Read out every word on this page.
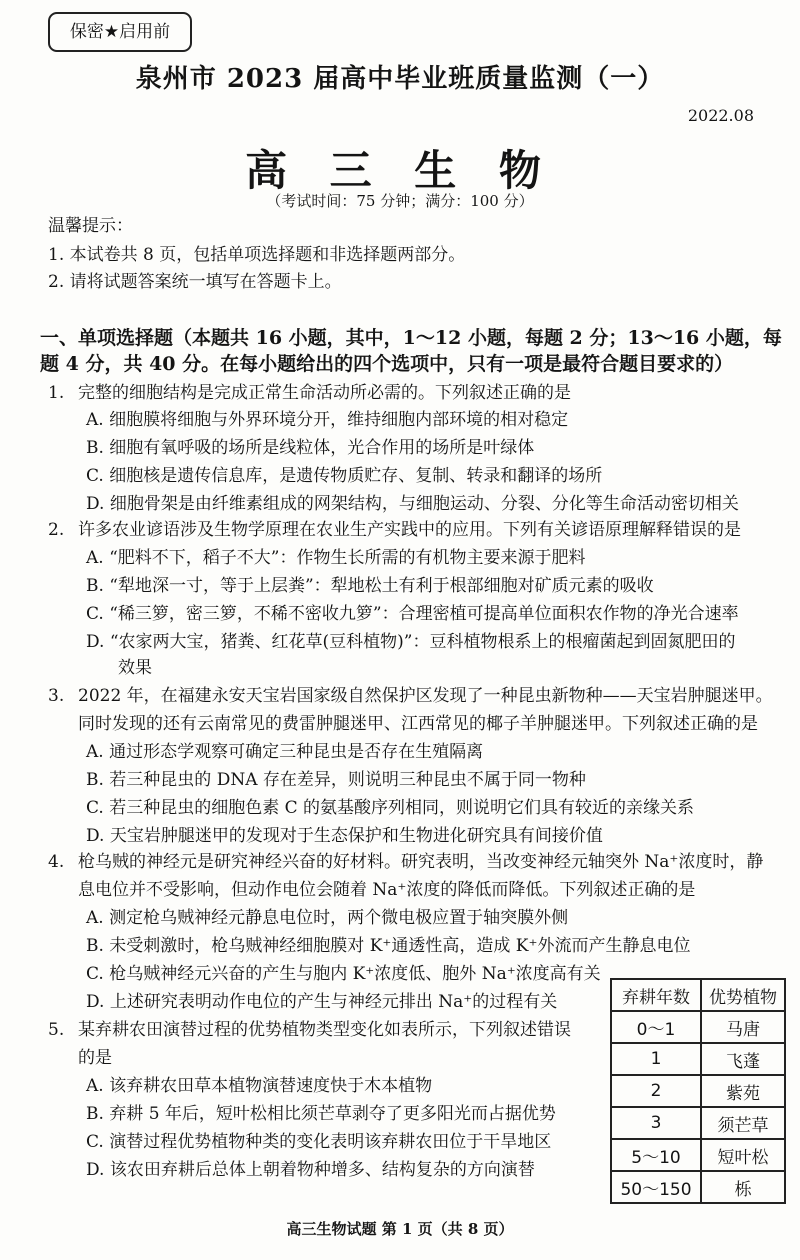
保密★启用前
泉州市 2023 届高中毕业班质量监测（一）
2022.08
高 三 生 物
（考试时间：75 分钟；满分：100 分）
温馨提示：
1. 本试卷共 8 页，包括单项选择题和非选择题两部分。
2. 请将试题答案统一填写在答题卡上。
一、单项选择题（本题共 16 小题，其中，1～12 小题，每题 2 分；13～16 小题，每
题 4 分，共 40 分。在每小题给出的四个选项中，只有一项是最符合题目要求的）
1. 完整的细胞结构是完成正常生命活动所必需的。下列叙述正确的是
A. 细胞膜将细胞与外界环境分开，维持细胞内部环境的相对稳定
B. 细胞有氧呼吸的场所是线粒体，光合作用的场所是叶绿体
C. 细胞核是遗传信息库，是遗传物质贮存、复制、转录和翻译的场所
D. 细胞骨架是由纤维素组成的网架结构，与细胞运动、分裂、分化等生命活动密切相关
2. 许多农业谚语涉及生物学原理在农业生产实践中的应用。下列有关谚语原理解释错误的是
A. “肥料不下，稻子不大”：作物生长所需的有机物主要来源于肥料
B. “犁地深一寸，等于上层粪”：犁地松土有利于根部细胞对矿质元素的吸收
C. “稀三箩，密三箩，不稀不密收九箩”：合理密植可提高单位面积农作物的净光合速率
D. “农家两大宝，猪粪、红花草(豆科植物)”：豆科植物根系上的根瘤菌起到固氮肥田的
效果
3. 2022 年，在福建永安天宝岩国家级自然保护区发现了一种昆虫新物种——天宝岩肿腿迷甲。
同时发现的还有云南常见的费雷肿腿迷甲、江西常见的椰子羊肿腿迷甲。下列叙述正确的是
A. 通过形态学观察可确定三种昆虫是否存在生殖隔离
B. 若三种昆虫的 DNA 存在差异，则说明三种昆虫不属于同一物种
C. 若三种昆虫的细胞色素 C 的氨基酸序列相同，则说明它们具有较近的亲缘关系
D. 天宝岩肿腿迷甲的发现对于生态保护和生物进化研究具有间接价值
4. 枪乌贼的神经元是研究神经兴奋的好材料。研究表明，当改变神经元轴突外 Na⁺浓度时，静
息电位并不受影响，但动作电位会随着 Na⁺浓度的降低而降低。下列叙述正确的是
A. 测定枪乌贼神经元静息电位时，两个微电极应置于轴突膜外侧
B. 未受刺激时，枪乌贼神经细胞膜对 K⁺通透性高，造成 K⁺外流而产生静息电位
C. 枪乌贼神经元兴奋的产生与胞内 K⁺浓度低、胞外 Na⁺浓度高有关
D. 上述研究表明动作电位的产生与神经元排出 Na⁺的过程有关
5. 某弃耕农田演替过程的优势植物类型变化如表所示，下列叙述错误
的是
A. 该弃耕农田草本植物演替速度快于木本植物
B. 弃耕 5 年后，短叶松相比须芒草剥夺了更多阳光而占据优势
C. 演替过程优势植物种类的变化表明该弃耕农田位于干旱地区
D. 该农田弃耕后总体上朝着物种增多、结构复杂的方向演替
弃耕年数	优势植物
0～1	马唐
1	飞蓬
2	紫苑
3	须芒草
5～10	短叶松
50～150	栎
高三生物试题 第 1 页（共 8 页）
